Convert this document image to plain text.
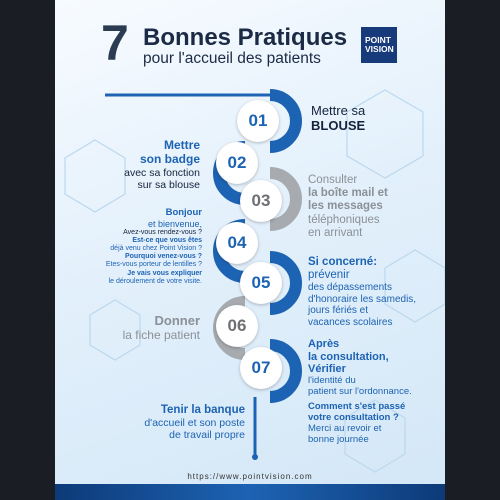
7 Bonnes Pratiques
pour l'accueil des patients
POINT
VISION
01
02
03
04
05
06
07
Mettre sa
BLOUSE
Mettre
son badge
avec sa fonction
sur sa blouse	Consulter
la boîte mail et
les messages
téléphoniques
en arrivant
Bonjour
et bienvenue,
Avez-vous rendez-vous ?
Est-ce que vous êtes
déjà venu chez Point Vision ?
Pourquoi venez-vous ?
Etes-vous porteur de lentilles ?
Je vais vous expliquer
le déroulement de votre visite.
Si concerné:
prévenir
des dépassements
d'honoraire les samedis,
jours fériés et
vacances scolaires
Donner
la fiche patient
Après
la consultation,
Vérifier
l'identité du
patient sur l'ordonnance.
Comment s'est passé
votre consultation ?
Merci au revoir et
bonne journée
Tenir la banque
d'accueil et son poste
de travail propre
https://www.pointvision.com
